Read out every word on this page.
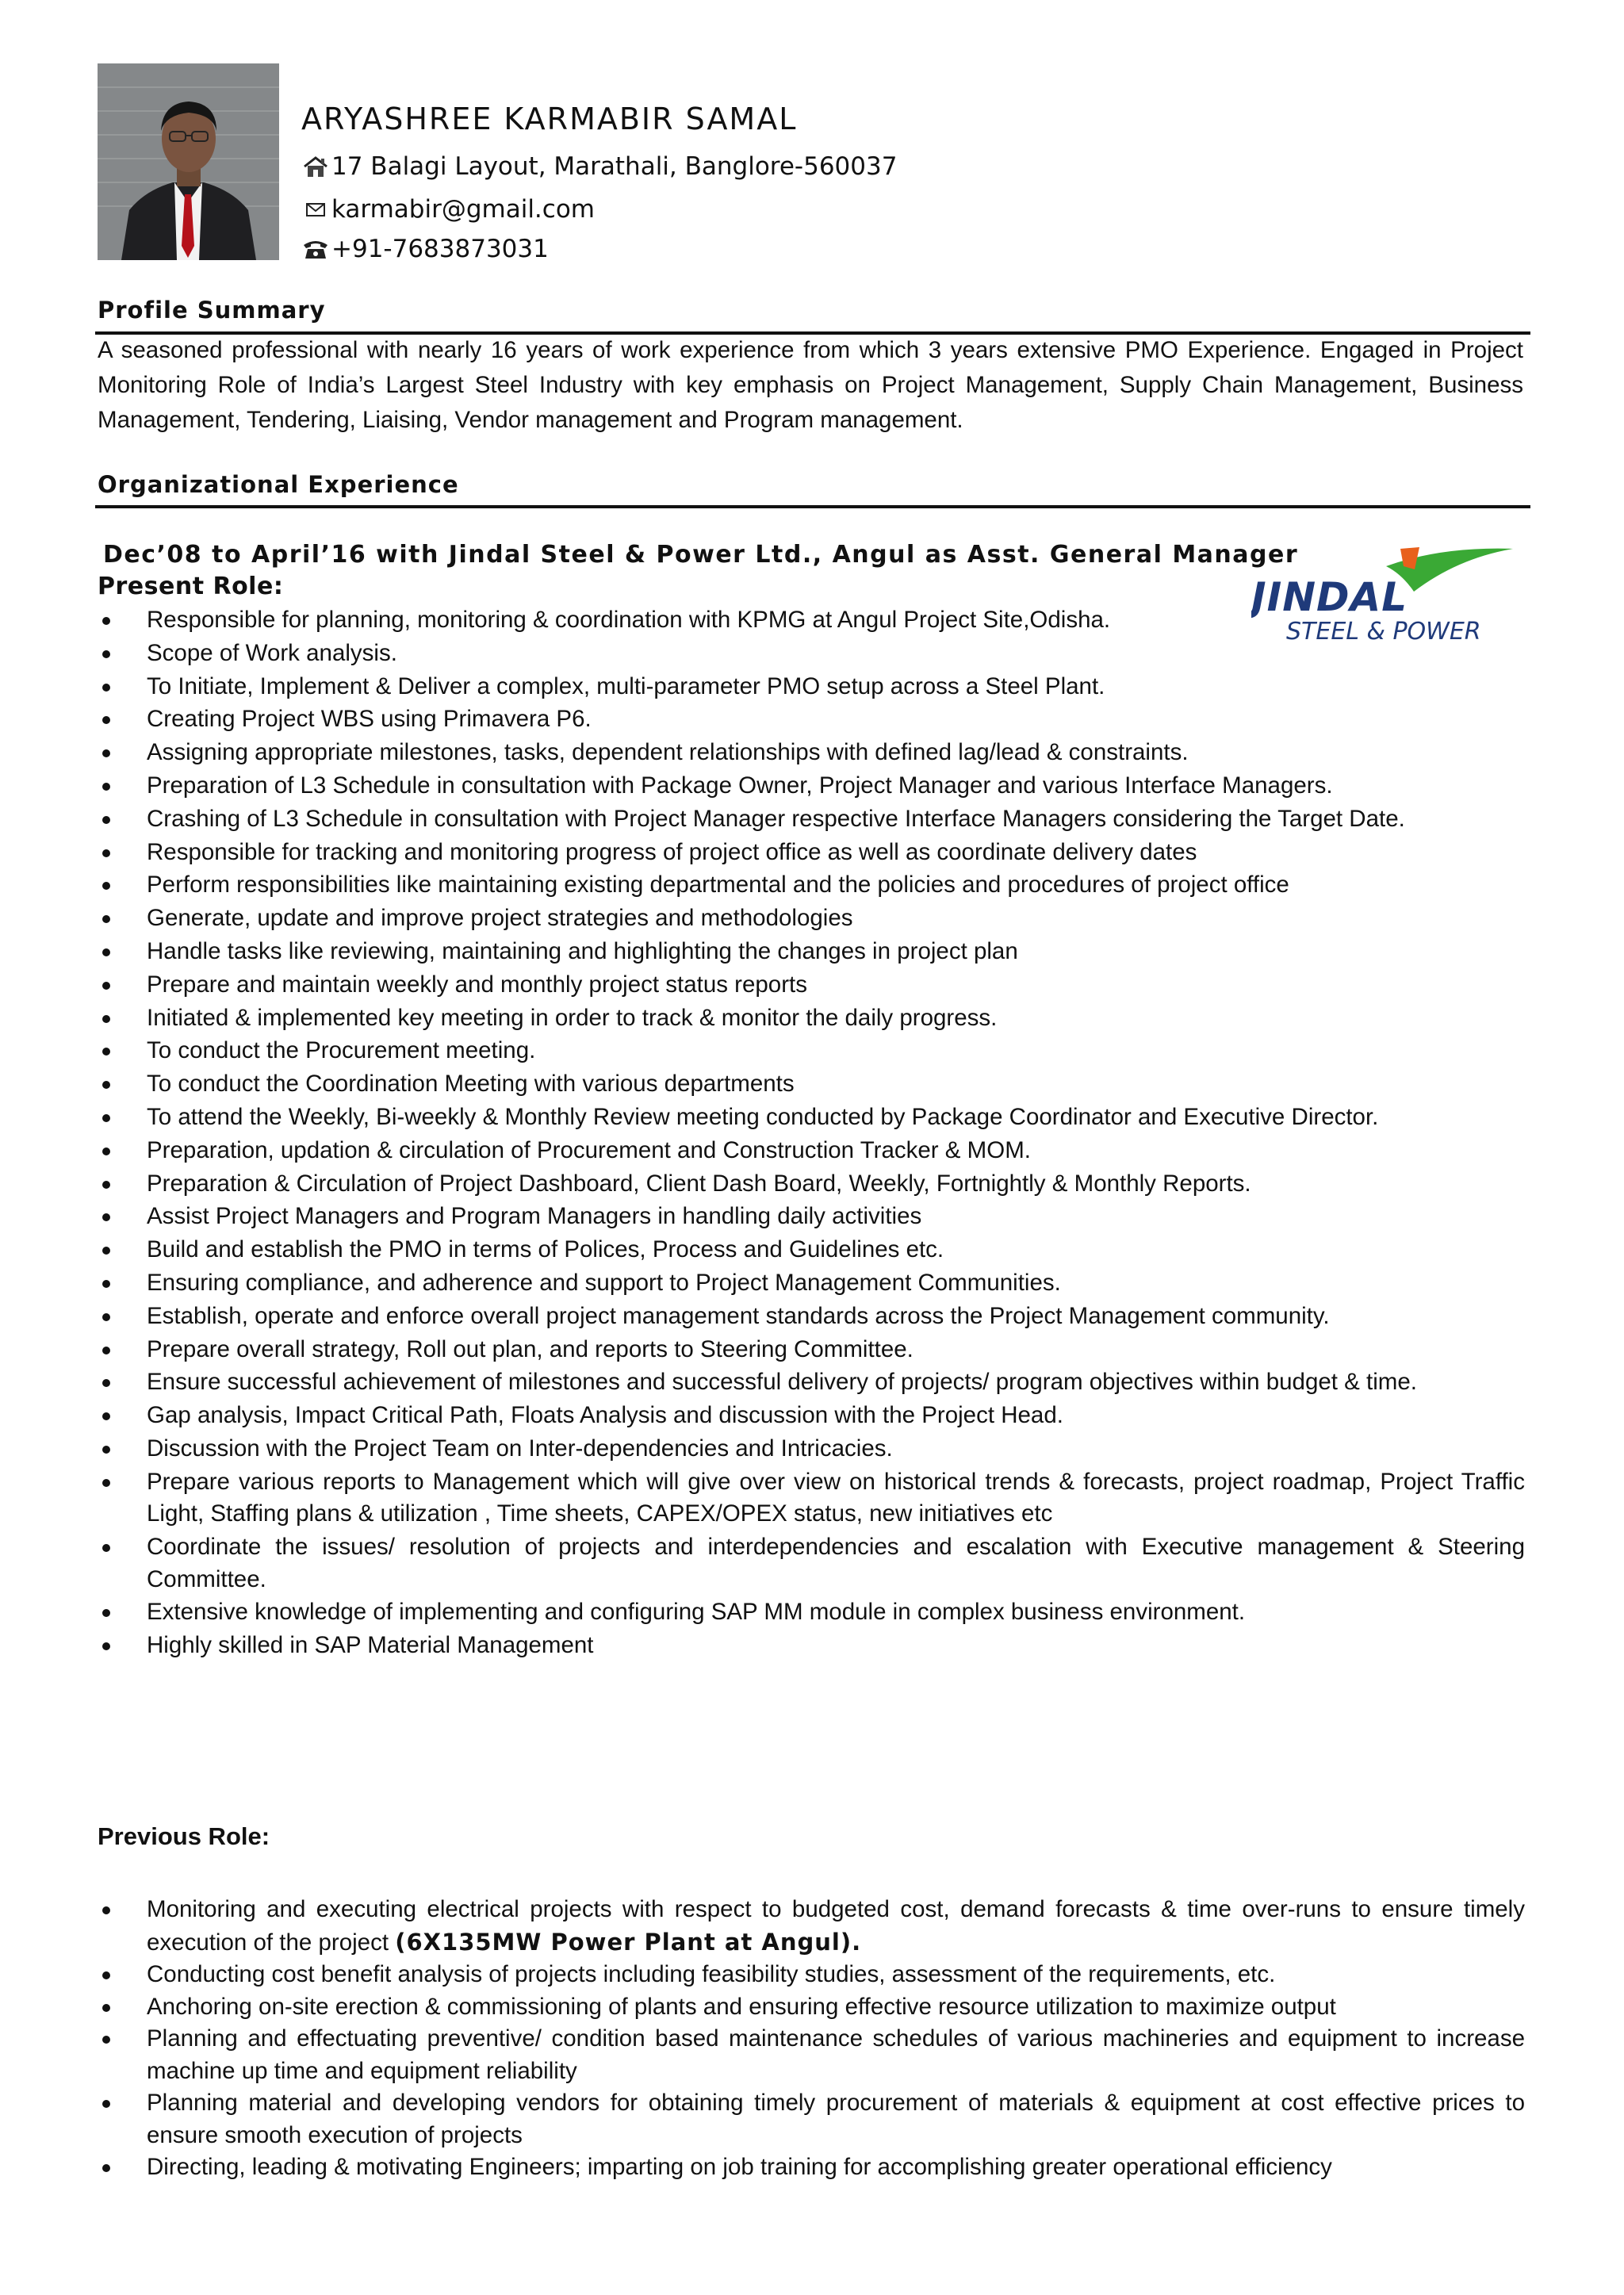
ARYASHREE KARMABIR SAMAL
17 Balagi Layout, Marathali, Banglore-560037
karmabir@gmail.com
+91-7683873031
Profile Summary
A seasoned professional with nearly 16 years of work experience from which 3 years extensive PMO Experience. Engaged in Project Monitoring Role of India’s Largest Steel Industry with key emphasis on Project Management, Supply Chain Management, Business Management, Tendering, Liaising, Vendor management and Program management.
Organizational Experience
Dec’08 to April’16 with Jindal Steel & Power Ltd., Angul as Asst. General Manager
JINDAL
STEEL & POWER
Present Role:
Responsible for planning, monitoring & coordination with KPMG at Angul Project Site,Odisha.
Scope of Work analysis.
To Initiate, Implement & Deliver a complex, multi-parameter PMO setup across a Steel Plant.
Creating Project WBS using Primavera P6.
Assigning appropriate milestones, tasks, dependent relationships with defined lag/lead & constraints.
Preparation of L3 Schedule in consultation with Package Owner, Project Manager and various Interface Managers.
Crashing of L3 Schedule in consultation with Project Manager respective Interface Managers considering the Target Date.
Responsible for tracking and monitoring progress of project office as well as coordinate delivery dates
Perform responsibilities like maintaining existing departmental and the policies and procedures of project office
Generate, update and improve project strategies and methodologies
Handle tasks like reviewing, maintaining and highlighting the changes in project plan
Prepare and maintain weekly and monthly project status reports
Initiated & implemented key meeting in order to track & monitor the daily progress.
To conduct the Procurement meeting.
To conduct the Coordination Meeting with various departments
To attend the Weekly, Bi-weekly & Monthly Review meeting conducted by Package Coordinator and Executive Director.
Preparation, updation & circulation of Procurement and Construction Tracker & MOM.
Preparation & Circulation of Project Dashboard, Client Dash Board, Weekly, Fortnightly & Monthly Reports.
Assist Project Managers and Program Managers in handling daily activities
Build and establish the PMO in terms of Polices, Process and Guidelines etc.
Ensuring compliance, and adherence and support to Project Management Communities.
Establish, operate and enforce overall project management standards across the Project Management community.
Prepare overall strategy, Roll out plan, and reports to Steering Committee.
Ensure successful achievement of milestones and successful delivery of projects/ program objectives within budget & time.
Gap analysis, Impact Critical Path, Floats Analysis and discussion with the Project Head.
Discussion with the Project Team on Inter-dependencies and Intricacies.
Prepare various reports to Management which will give over view on historical trends & forecasts, project roadmap, Project Traffic Light, Staffing plans & utilization , Time sheets, CAPEX/OPEX status, new initiatives etc
Coordinate the issues/ resolution of projects and interdependencies and escalation with Executive management & Steering Committee.
Extensive knowledge of implementing and configuring SAP MM module in complex business environment.
Highly skilled in SAP Material Management
Previous Role:
Monitoring and executing electrical projects with respect to budgeted cost, demand forecasts & time over-runs to ensure timely execution of the project (6X135MW Power Plant at Angul).
Conducting cost benefit analysis of projects including feasibility studies, assessment of the requirements, etc.
Anchoring on-site erection & commissioning of plants and ensuring effective resource utilization to maximize output
Planning and effectuating preventive/ condition based maintenance schedules of various machineries and equipment to increase machine up time and equipment reliability
Planning material and developing vendors for obtaining timely procurement of materials & equipment at cost effective prices to ensure smooth execution of projects
Directing, leading & motivating Engineers; imparting on job training for accomplishing greater operational efficiency
